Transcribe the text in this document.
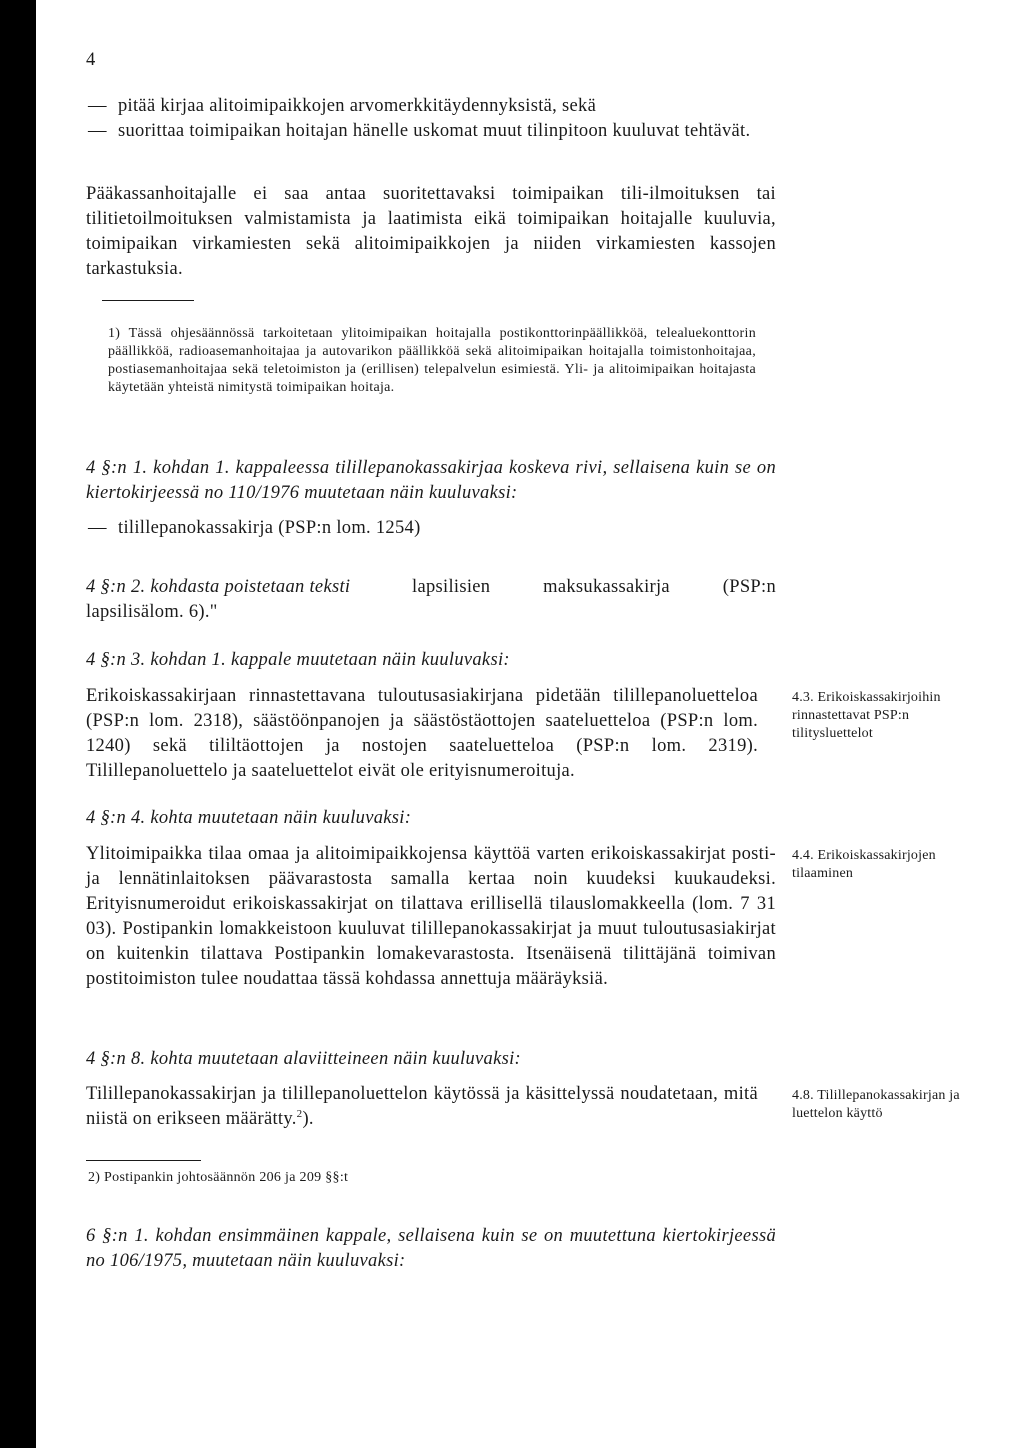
4
— pitää kirjaa alitoimipaikkojen arvomerkkitäydennyksistä, sekä
— suorittaa toimipaikan hoitajan hänelle uskomat muut tilinpitoon kuuluvat tehtävät.
Pääkassanhoitajalle ei saa antaa suoritettavaksi toimipaikan tili-ilmoituksen tai tilitietoilmoituksen valmistamista ja laatimista eikä toimipaikan hoitajalle kuuluvia, toimipaikan virkamiesten sekä alitoimipaikkojen ja niiden virkamiesten kassojen tarkastuksia.
1) Tässä ohjesäännössä tarkoitetaan ylitoimipaikan hoitajalla postikonttorinpäällikköä, telealuekonttorin päällikköä, radioasemanhoitajaa ja autovarikon päällikköä sekä alitoimipaikan hoitajalla toimistonhoitajaa, postiasemanhoitajaa sekä teletoimiston ja (erillisen) telepalvelun esimiestä. Yli- ja alitoimipaikan hoitajasta käytetään yhteistä nimitystä toimipaikan hoitaja.
4 §:n 1. kohdan 1. kappaleessa tilillepanokassakirjaa koskeva rivi, sellaisena kuin se on kiertokirjeessä no 110/1976 muutetaan näin kuuluvaksi:
— tilillepanokassakirja (PSP:n lom. 1254)
4 §:n 2. kohdasta poistetaan teksti	lapsilisien maksukassakirja (PSP:n lapsilisälom. 6)."
4 §:n 3. kohdan 1. kappale muutetaan näin kuuluvaksi:
Erikoiskassakirjaan rinnastettavana tuloutusasiakirjana pidetään tilillepanoluetteloa (PSP:n lom. 2318), säästöönpanojen ja säästöstäottojen saateluetteloa (PSP:n lom. 1240) sekä tililtäottojen ja nostojen saateluetteloa (PSP:n lom. 2319). Tilillepanoluettelo ja saateluettelot eivät ole erityisnumeroituja.
4.3. Erikoiskassakirjoihin rinnastettavat PSP:n tilitysluettelot
4 §:n 4. kohta muutetaan näin kuuluvaksi:
Ylitoimipaikka tilaa omaa ja alitoimipaikkojensa käyttöä varten erikoiskassakirjat posti- ja lennätinlaitoksen päävarastosta samalla kertaa noin kuudeksi kuukaudeksi. Erityisnumeroidut erikoiskassakirjat on tilattava erillisellä tilauslomakkeella (lom. 7 31 03). Postipankin lomakkeistoon kuuluvat tilillepanokassakirjat ja muut tuloutusasiakirjat on kuitenkin tilattava Postipankin lomakevarastosta. Itsenäisenä tilittäjänä toimivan postitoimiston tulee noudattaa tässä kohdassa annettuja määräyksiä.
4.4. Erikoiskassakirjojen tilaaminen
4 §:n 8. kohta muutetaan alaviitteineen näin kuuluvaksi:
Tilillepanokassakirjan ja tilillepanoluettelon käytössä ja käsittelyssä noudatetaan, mitä niistä on erikseen määrätty.$^2$).
4.8. Tilillepanokassakirjan ja luettelon käyttö
2) Postipankin johtosäännön 206 ja 209 §§:t
6 §:n 1. kohdan ensimmäinen kappale, sellaisena kuin se on muutettuna kiertokirjeessä no 106/1975, muutetaan näin kuuluvaksi:
